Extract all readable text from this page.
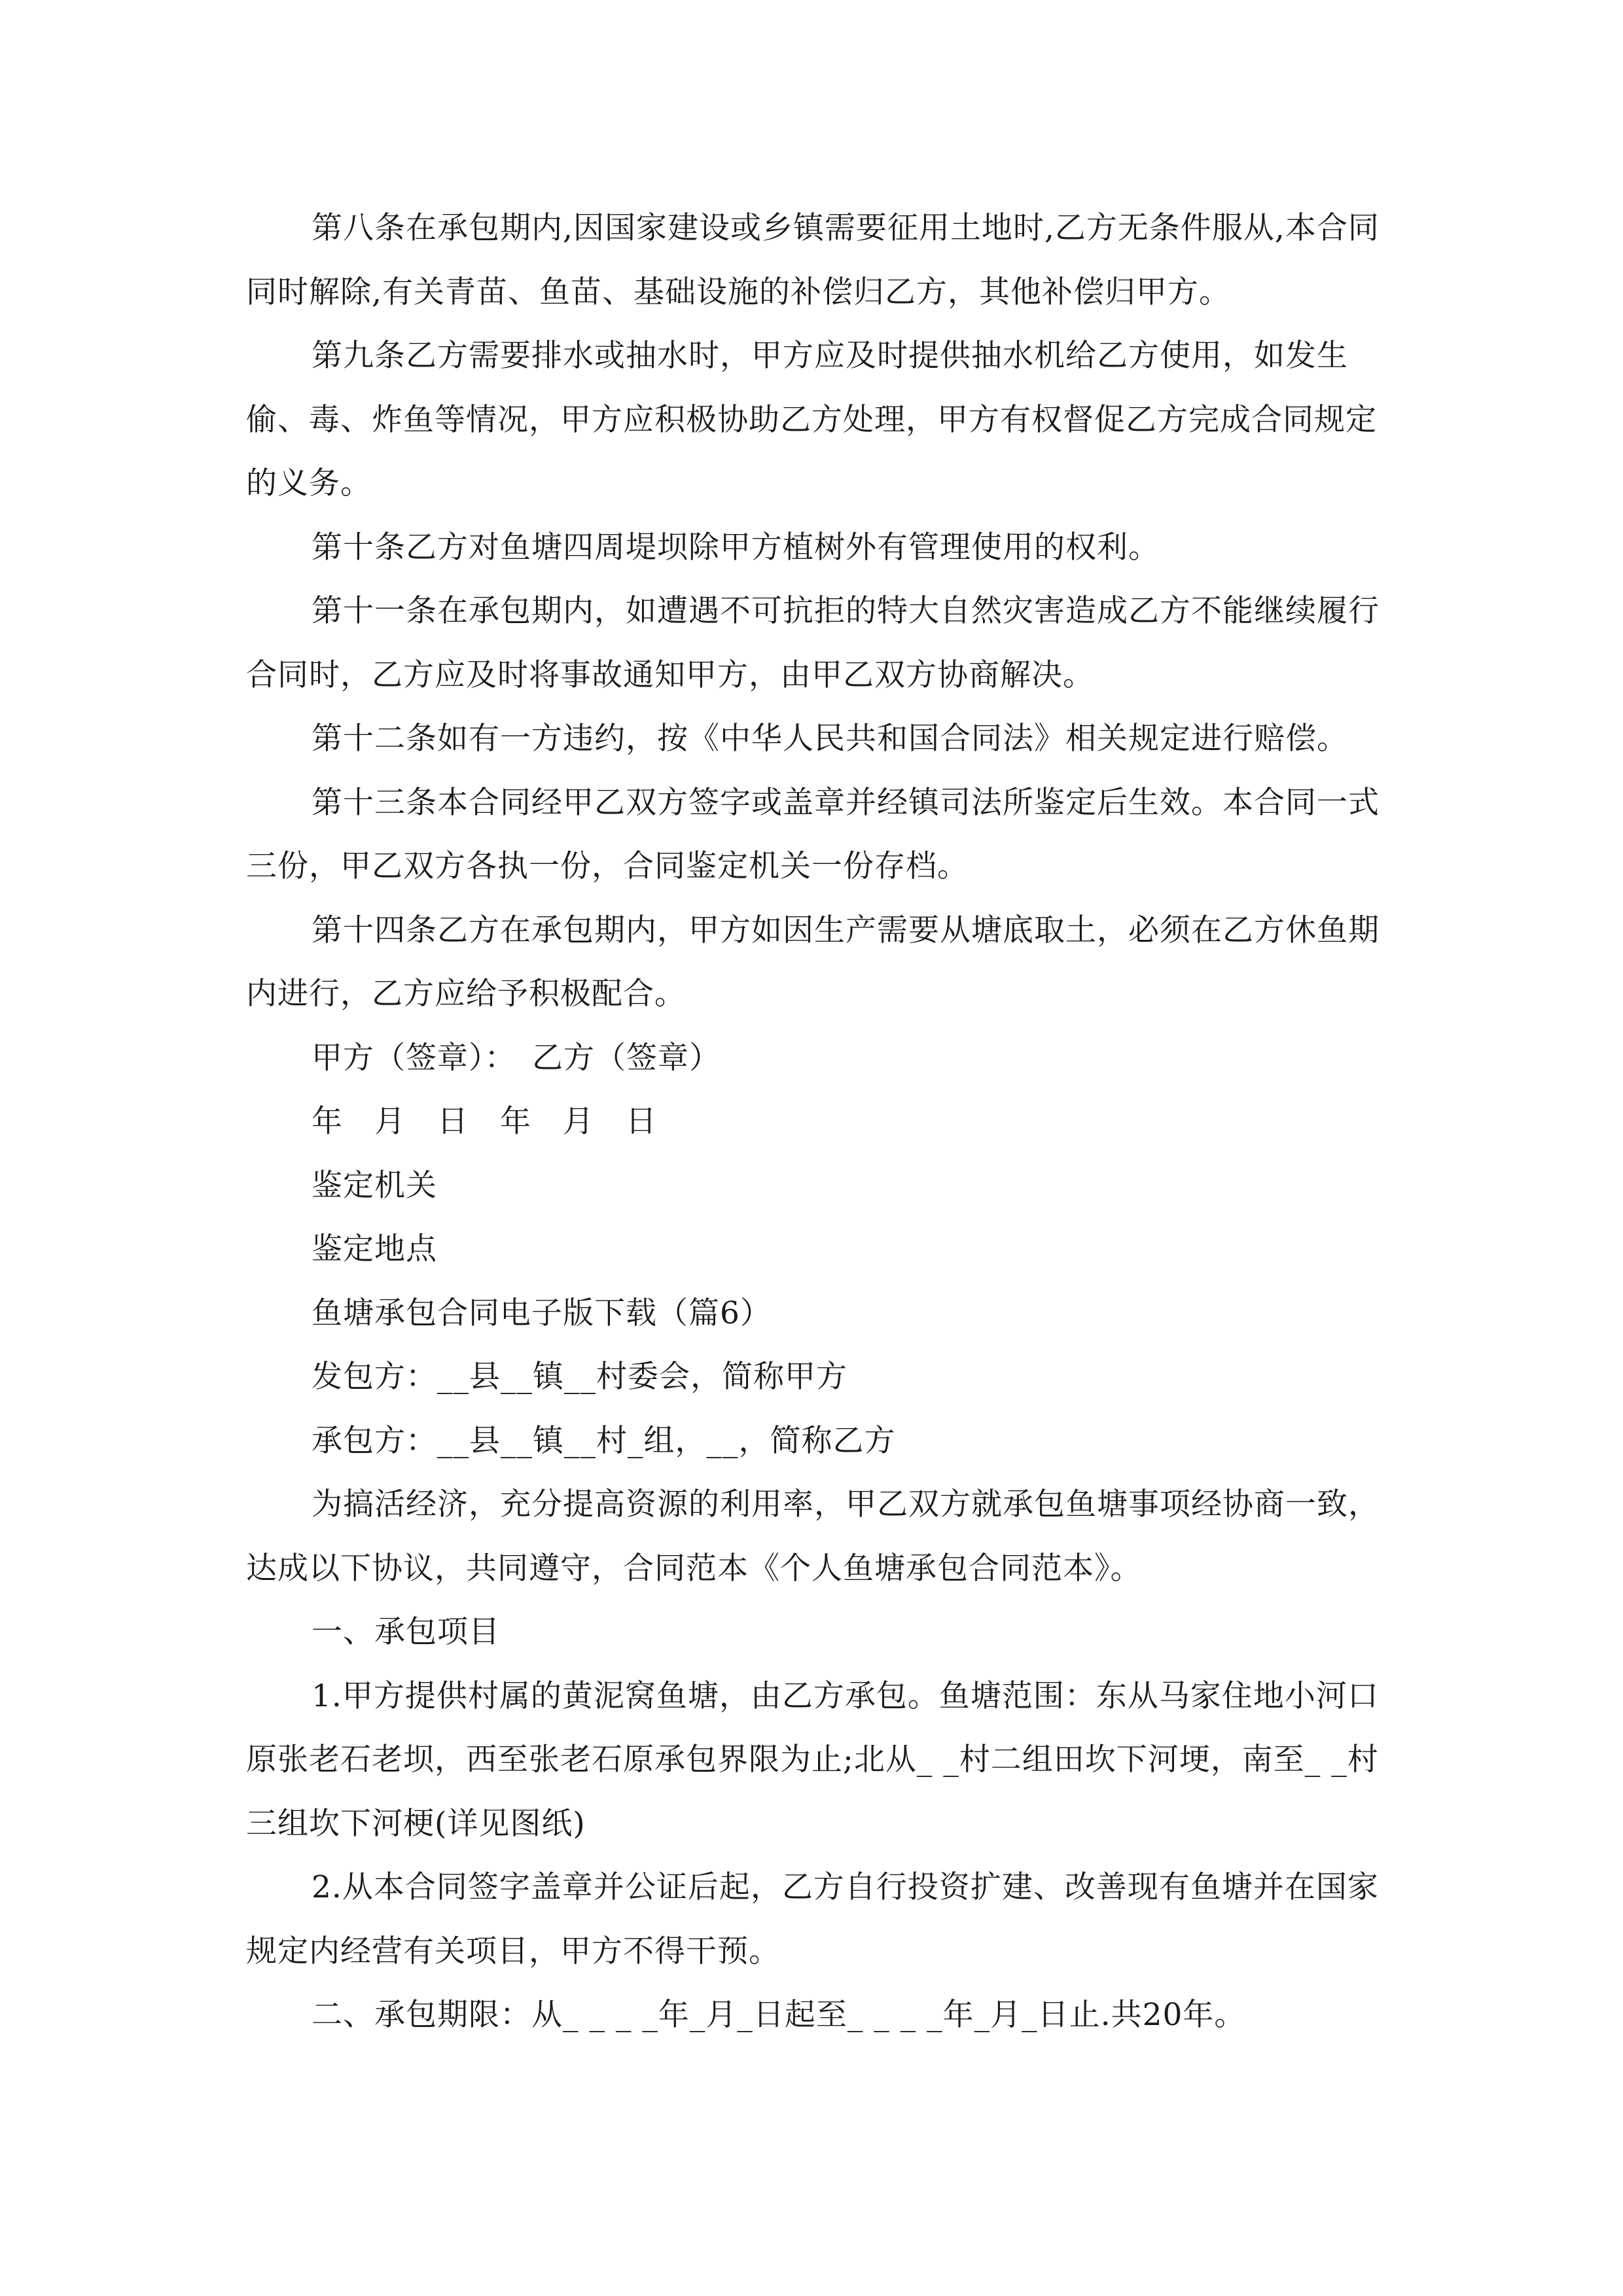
第八条在承包期内,因国家建设或乡镇需要征用土地时,乙方无条件服从,本合同同时解除,有关青苗、鱼苗、基础设施的补偿归乙方，其他补偿归甲方。

第九条乙方需要排水或抽水时，甲方应及时提供抽水机给乙方使用，如发生偷、毒、炸鱼等情况，甲方应积极协助乙方处理，甲方有权督促乙方完成合同规定的义务。

第十条乙方对鱼塘四周堤坝除甲方植树外有管理使用的权利。

第十一条在承包期内，如遭遇不可抗拒的特大自然灾害造成乙方不能继续履行合同时，乙方应及时将事故通知甲方，由甲乙双方协商解决。

第十二条如有一方违约，按《中华人民共和国合同法》相关规定进行赔偿。

第十三条本合同经甲乙双方签字或盖章并经镇司法所鉴定后生效。本合同一式三份，甲乙双方各执一份，合同鉴定机关一份存档。

第十四条乙方在承包期内，甲方如因生产需要从塘底取土，必须在乙方休鱼期内进行，乙方应给予积极配合。

甲方（签章）：　乙方（签章）

年　月　日　年　月　日

鉴定机关

鉴定地点

鱼塘承包合同电子版下载（篇6）

发包方：__县__镇__村委会，简称甲方

承包方：__县__镇__村_组，__，简称乙方

为搞活经济，充分提高资源的利用率，甲乙双方就承包鱼塘事项经协商一致，达成以下协议，共同遵守，合同范本《个人鱼塘承包合同范本》。

一、承包项目

1.甲方提供村属的黄泥窝鱼塘，由乙方承包。鱼塘范围：东从马家住地小河口原张老石老坝，西至张老石原承包界限为止;北从_ _村二组田坎下河埂，南至_ _村三组坎下河梗(详见图纸)

2.从本合同签字盖章并公证后起，乙方自行投资扩建、改善现有鱼塘并在国家规定内经营有关项目，甲方不得干预。

二、承包期限：从_ _ _ _年_月_日起至_ _ _ _年_月_日止.共20年。
